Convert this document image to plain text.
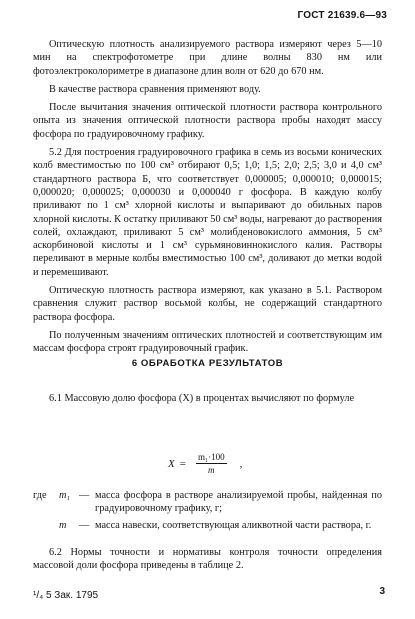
ГОСТ 21639.6—93

Оптическую плотность анализируемого раствора измеряют через 5—10 мин на спектрофотометре при длине волны 830 нм или фотоэлектроколориметре в диапазоне длин волн от 620 до 670 нм.

В качестве раствора сравнения применяют воду.

После вычитания значения оптической плотности раствора контрольного опыта из значения оптической плотности раствора пробы находят массу фосфора по градуировочному графику.

5.2 Для построения градуировочного графика в семь из восьми конических колб вместимостью по 100 см³ отбирают 0,5; 1,0; 1,5; 2,0; 2,5; 3,0 и 4,0 см³ стандартного раствора Б, что соответствует 0,000005; 0,000010; 0,000015; 0,000020; 0,000025; 0,000030 и 0,000040 г фосфора. В каждую колбу приливают по 1 см³ хлорной кислоты и выпаривают до обильных паров хлорной кислоты. К остатку приливают 50 см³ воды, нагревают до растворения солей, охлаждают, приливают 5 см³ молибденовокислого аммония, 5 см³ аскорбиновой кислоты и 1 см³ сурьмяновиннокислого калия. Растворы переливают в мерные колбы вместимостью 100 см³, доливают до метки водой и перемешивают.

Оптическую плотность раствора измеряют, как указано в 5.1. Раствором сравнения служит раствор восьмой колбы, не содержащий стандартного раствора фосфора.

По полученным значениям оптических плотностей и соответствующим им массам фосфора строят градуировочный график.

6 ОБРАБОТКА РЕЗУЛЬТАТОВ

6.1 Массовую долю фосфора (X) в процентах вычисляют по формуле

$X = \frac{\text{m₁·100}}{m}$ ,
где	m₁ — масса фосфора в растворе анализируемой пробы, найденная по градуировочному графику, г;
m	— масса навески, соответствующая аликвотной части раствора, г.

6.2 Нормы точности и нормативы контроля точности определения массовой доли фосфора приведены в таблице 2.

¹/₄ 5 Зак. 1795	3
